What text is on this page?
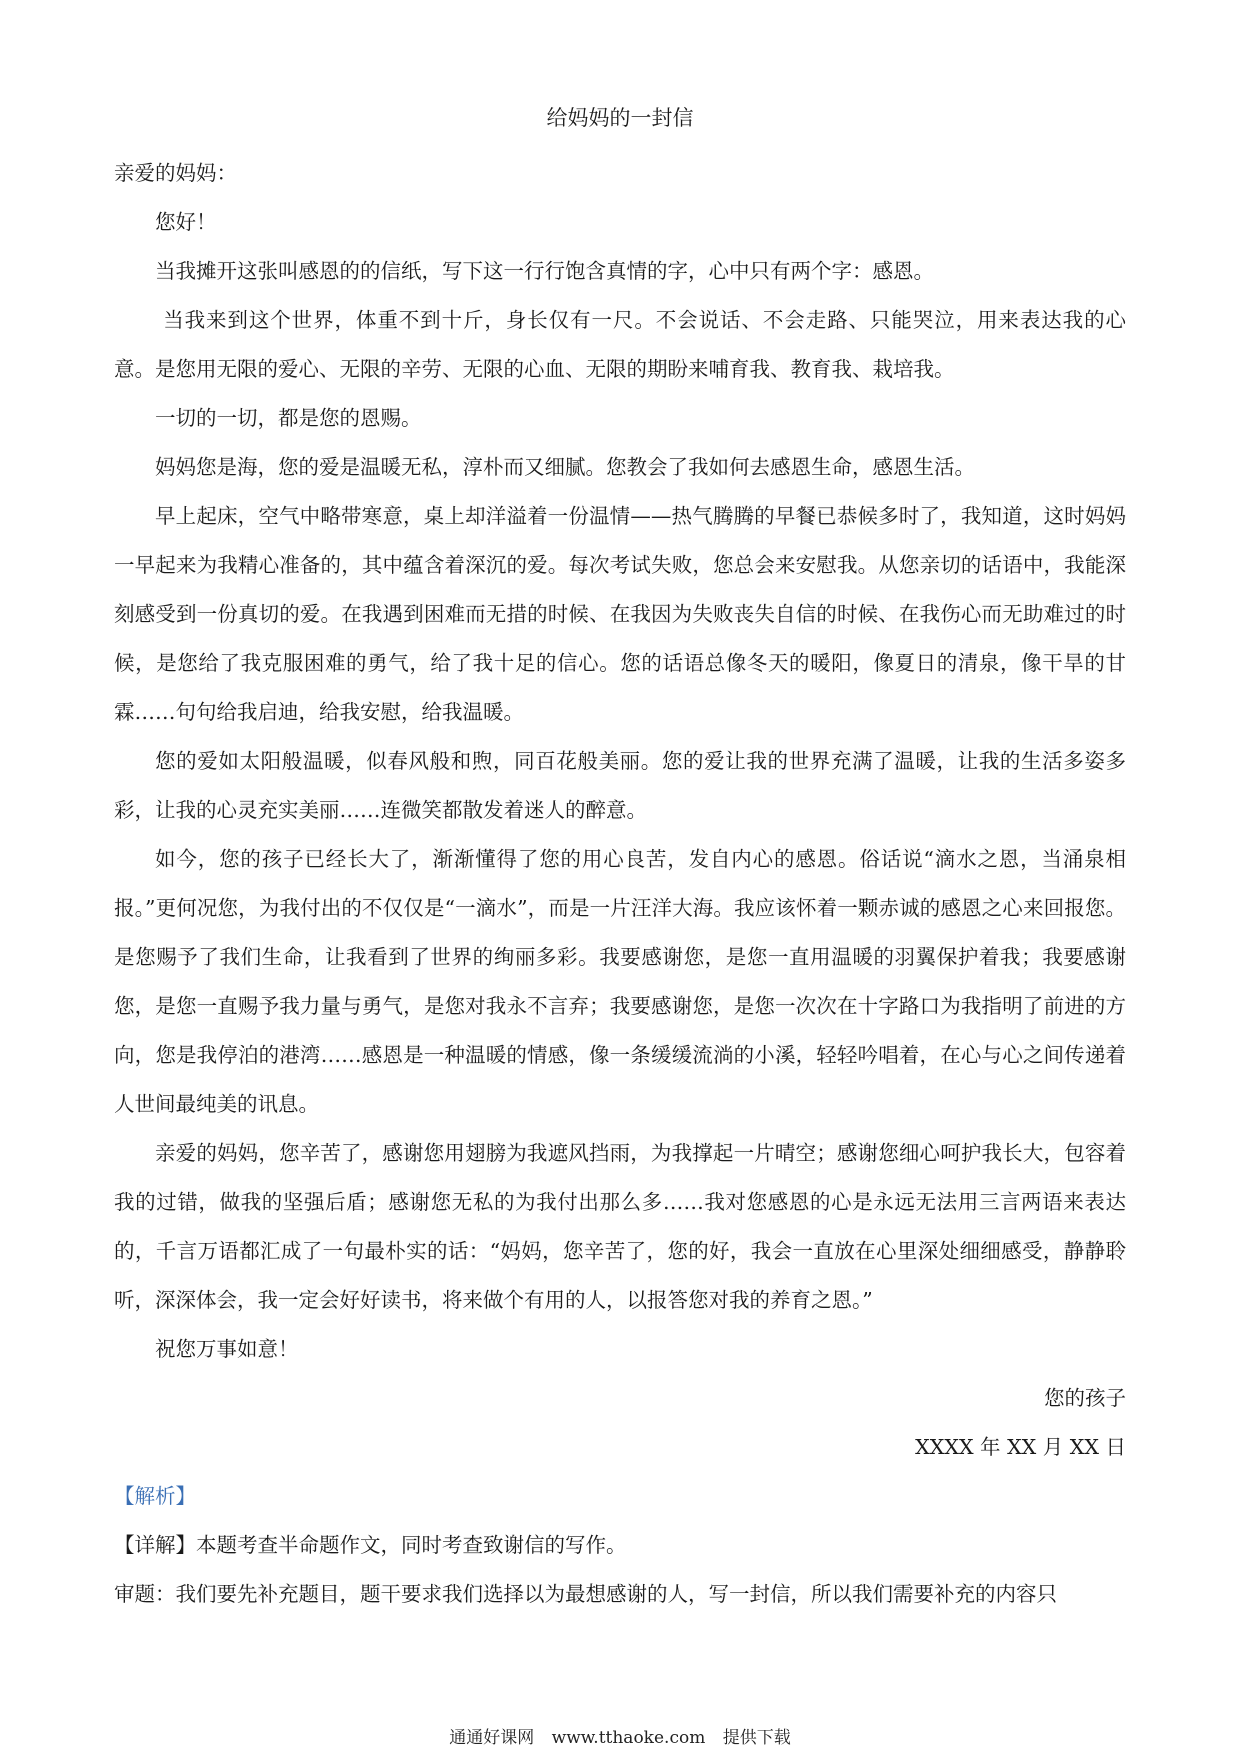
给妈妈的一封信

亲爱的妈妈：

您好！

当我摊开这张叫感恩的的信纸，写下这一行行饱含真情的字，心中只有两个字：感恩。

当我来到这个世界，体重不到十斤，身长仅有一尺。不会说话、不会走路、只能哭泣，用来表达我的心意。是您用无限的爱心、无限的辛劳、无限的心血、无限的期盼来哺育我、教育我、栽培我。

一切的一切，都是您的恩赐。

妈妈您是海，您的爱是温暖无私，淳朴而又细腻。您教会了我如何去感恩生命，感恩生活。

早上起床，空气中略带寒意，桌上却洋溢着一份温情——热气腾腾的早餐已恭候多时了，我知道，这时妈妈一早起来为我精心准备的，其中蕴含着深沉的爱。每次考试失败，您总会来安慰我。从您亲切的话语中，我能深刻感受到一份真切的爱。在我遇到困难而无措的时候、在我因为失败丧失自信的时候、在我伤心而无助难过的时候，是您给了我克服困难的勇气，给了我十足的信心。您的话语总像冬天的暖阳，像夏日的清泉，像干旱的甘霖……句句给我启迪，给我安慰，给我温暖。

您的爱如太阳般温暖，似春风般和煦，同百花般美丽。您的爱让我的世界充满了温暖，让我的生活多姿多彩，让我的心灵充实美丽……连微笑都散发着迷人的醉意。

如今，您的孩子已经长大了，渐渐懂得了您的用心良苦，发自内心的感恩。俗话说“滴水之恩，当涌泉相报。”更何况您，为我付出的不仅仅是“一滴水”，而是一片汪洋大海。我应该怀着一颗赤诚的感恩之心来回报您。是您赐予了我们生命，让我看到了世界的绚丽多彩。我要感谢您，是您一直用温暖的羽翼保护着我；我要感谢您，是您一直赐予我力量与勇气，是您对我永不言弃；我要感谢您，是您一次次在十字路口为我指明了前进的方向，您是我停泊的港湾……感恩是一种温暖的情感，像一条缓缓流淌的小溪，轻轻吟唱着，在心与心之间传递着人世间最纯美的讯息。

亲爱的妈妈，您辛苦了，感谢您用翅膀为我遮风挡雨，为我撑起一片晴空；感谢您细心呵护我长大，包容着我的过错，做我的坚强后盾；感谢您无私的为我付出那么多……我对您感恩的心是永远无法用三言两语来表达的，千言万语都汇成了一句最朴实的话：“妈妈，您辛苦了，您的好，我会一直放在心里深处细细感受，静静聆听，深深体会，我一定会好好读书，将来做个有用的人，以报答您对我的养育之恩。”

祝您万事如意！

您的孩子

XXXX 年 XX 月 XX 日

【解析】

【详解】本题考查半命题作文，同时考查致谢信的写作。

审题：我们要先补充题目，题干要求我们选择以为最想感谢的人，写一封信，所以我们需要补充的内容只

通通好课网 www.tthaoke.com 提供下载
